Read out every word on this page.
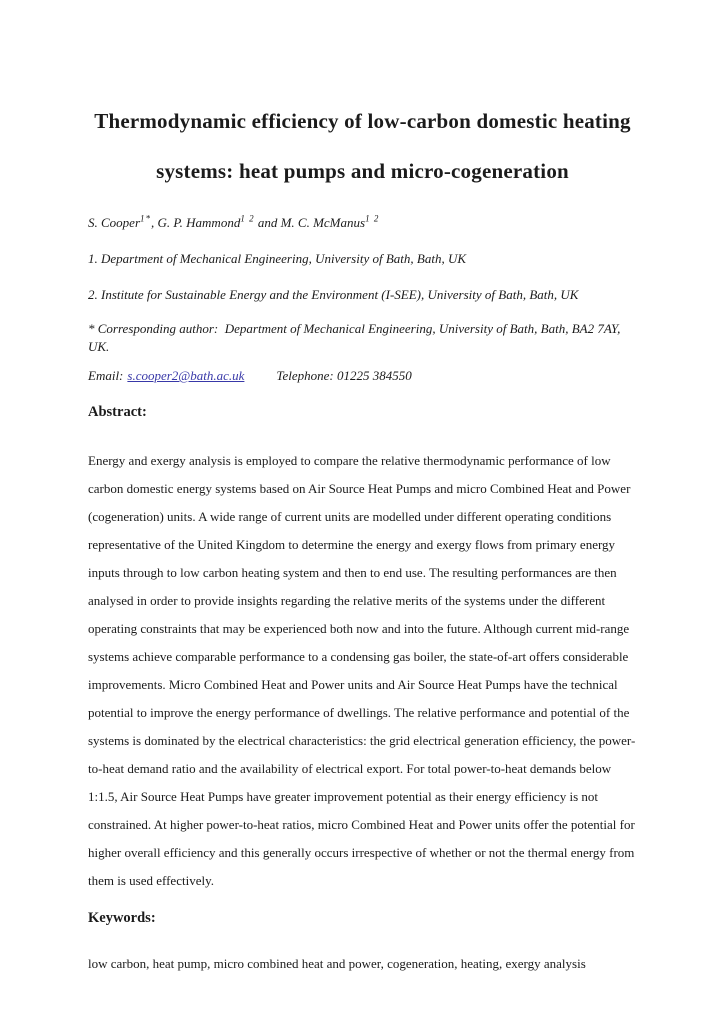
Thermodynamic efficiency of low-carbon domestic heating
systems: heat pumps and micro-cogeneration

S. Cooper$^{1*}$, G. P. Hammond$^{1 2}$ and M. C. McManus$^{1 2}$

1. Department of Mechanical Engineering, University of Bath, Bath, UK

2. Institute for Sustainable Energy and the Environment (I-SEE), University of Bath, Bath, UK

* Corresponding author:  Department of Mechanical Engineering, University of Bath, Bath, BA2 7AY, UK.

Email: s.cooper2@bath.ac.uk Telephone: 01225 384550

Abstract:

Energy and exergy analysis is employed to compare the relative thermodynamic performance of low carbon domestic energy systems based on Air Source Heat Pumps and micro Combined Heat and Power (cogeneration) units. A wide range of current units are modelled under different operating conditions representative of the United Kingdom to determine the energy and exergy flows from primary energy inputs through to low carbon heating system and then to end use. The resulting performances are then analysed in order to provide insights regarding the relative merits of the systems under the different operating constraints that may be experienced both now and into the future. Although current mid-range systems achieve comparable performance to a condensing gas boiler, the state-of-art offers considerable improvements. Micro Combined Heat and Power units and Air Source Heat Pumps have the technical potential to improve the energy performance of dwellings. The relative performance and potential of the systems is dominated by the electrical characteristics: the grid electrical generation efficiency, the power-to-heat demand ratio and the availability of electrical export. For total power-to-heat demands below 1:1.5, Air Source Heat Pumps have greater improvement potential as their energy efficiency is not constrained. At higher power-to-heat ratios, micro Combined Heat and Power units offer the potential for higher overall efficiency and this generally occurs irrespective of whether or not the thermal energy from them is used effectively.

Keywords:

low carbon, heat pump, micro combined heat and power, cogeneration, heating, exergy analysis
